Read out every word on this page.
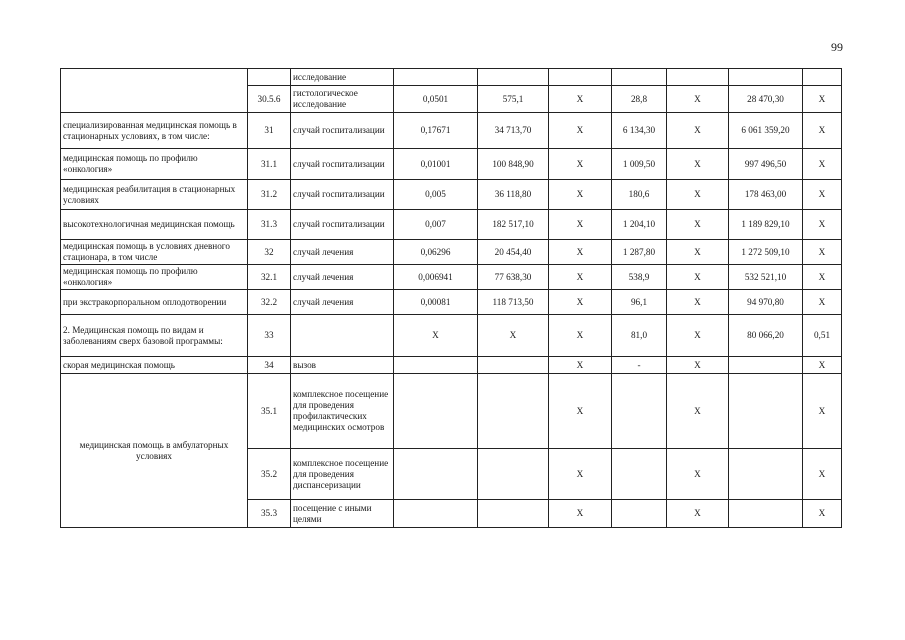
99
		исследование							
	30.5.6	гистологическое исследование	0,0501	575,1	Х	28,8	Х	28 470,30	Х
специализированная медицинская помощь в стационарных условиях, в том числе:	31	случай госпитализации	0,17671	34 713,70	Х	6 134,30	Х	6 061 359,20	Х
медицинская помощь по профилю «онкология»	31.1	случай госпитализации	0,01001	100 848,90	Х	1 009,50	Х	997 496,50	Х
медицинская реабилитация в стационарных условиях	31.2	случай госпитализации	0,005	36 118,80	Х	180,6	Х	178 463,00	Х
высокотехнологичная медицинская помощь	31.3	случай госпитализации	0,007	182 517,10	Х	1 204,10	Х	1 189 829,10	Х
медицинская помощь в условиях дневного стационара, в том числе	32	случай лечения	0,06296	20 454,40	Х	1 287,80	Х	1 272 509,10	Х
медицинская помощь по профилю «онкология»	32.1	случай лечения	0,006941	77 638,30	Х	538,9	Х	532 521,10	Х
при экстракорпоральном оплодотворении	32.2	случай лечения	0,00081	118 713,50	Х	96,1	Х	94 970,80	Х
2. Медицинская помощь по видам и заболеваниям сверх базовой программы:	33		Х	Х	Х	81,0	Х	80 066,20	0,51
скорая медицинская помощь	34	вызов			Х	-	Х		Х
медицинская помощь в амбулаторных условиях	35.1	комплексное посещение для проведения профилактических медицинских осмотров			Х		Х		Х
	35.2	комплексное посещение для проведения диспансеризации			Х		Х		Х
	35.3	посещение с иными целями			Х		Х		Х
